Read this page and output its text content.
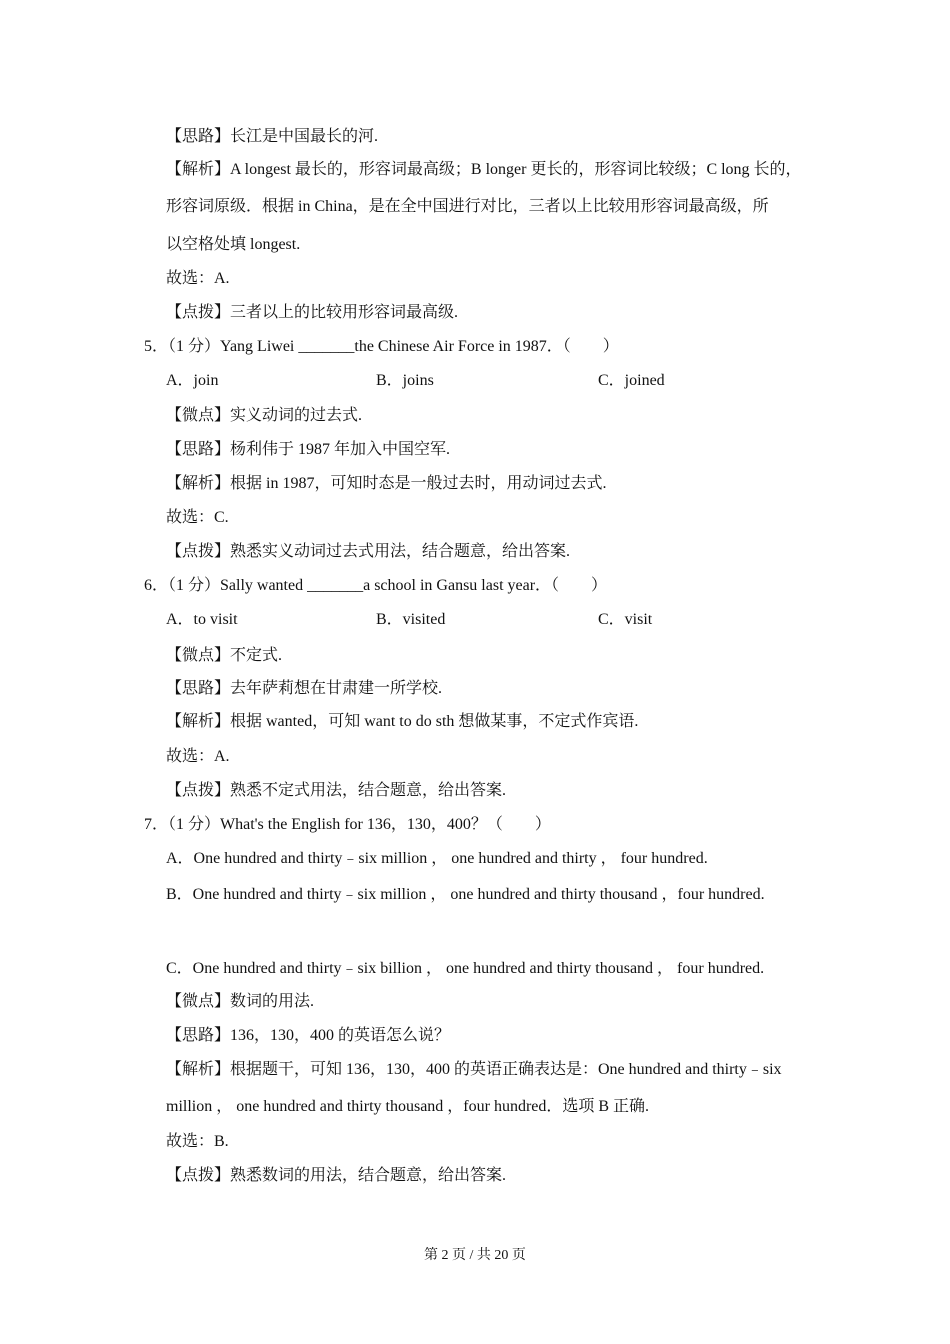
【思路】长江是中国最长的河.
【解析】A longest 最长的，形容词最高级；B longer 更长的，形容词比较级；C long 长的，
形容词原级．根据 in China，是在全中国进行对比，三者以上比较用形容词最高级，所
以空格处填 longest.
故选：A.
【点拨】三者以上的比较用形容词最高级.
5．（1 分）Yang Liwei _______the Chinese Air Force in 1987．（　　）
A．join	B．joins	C．joined
【微点】实义动词的过去式.
【思路】杨利伟于 1987 年加入中国空军.
【解析】根据 in 1987，可知时态是一般过去时，用动词过去式.
故选：C.
【点拨】熟悉实义动词过去式用法，结合题意，给出答案.
6．（1 分）Sally wanted _______a school in Gansu last year．（　　）
A．to visit	B．visited	C．visit
【微点】不定式.
【思路】去年萨莉想在甘肃建一所学校.
【解析】根据 wanted，可知 want to do sth 想做某事，不定式作宾语.
故选：A.
【点拨】熟悉不定式用法，结合题意，给出答案.
7．（1 分）What's the English for 136，130，400？（　　）
A．One hundred and thirty﹣six million ， one hundred and thirty ， four hundred.
B．One hundred and thirty﹣six million ， one hundred and thirty thousand ，four hundred.
C．One hundred and thirty﹣six billion ， one hundred and thirty thousand ， four hundred.
【微点】数词的用法.
【思路】136，130，400 的英语怎么说？
【解析】根据题干，可知 136，130，400 的英语正确表达是：One hundred and thirty﹣six
million ， one hundred and thirty thousand ，four hundred．选项 B 正确.
故选：B.
【点拨】熟悉数词的用法，结合题意，给出答案.
第 2 页 / 共 20 页
